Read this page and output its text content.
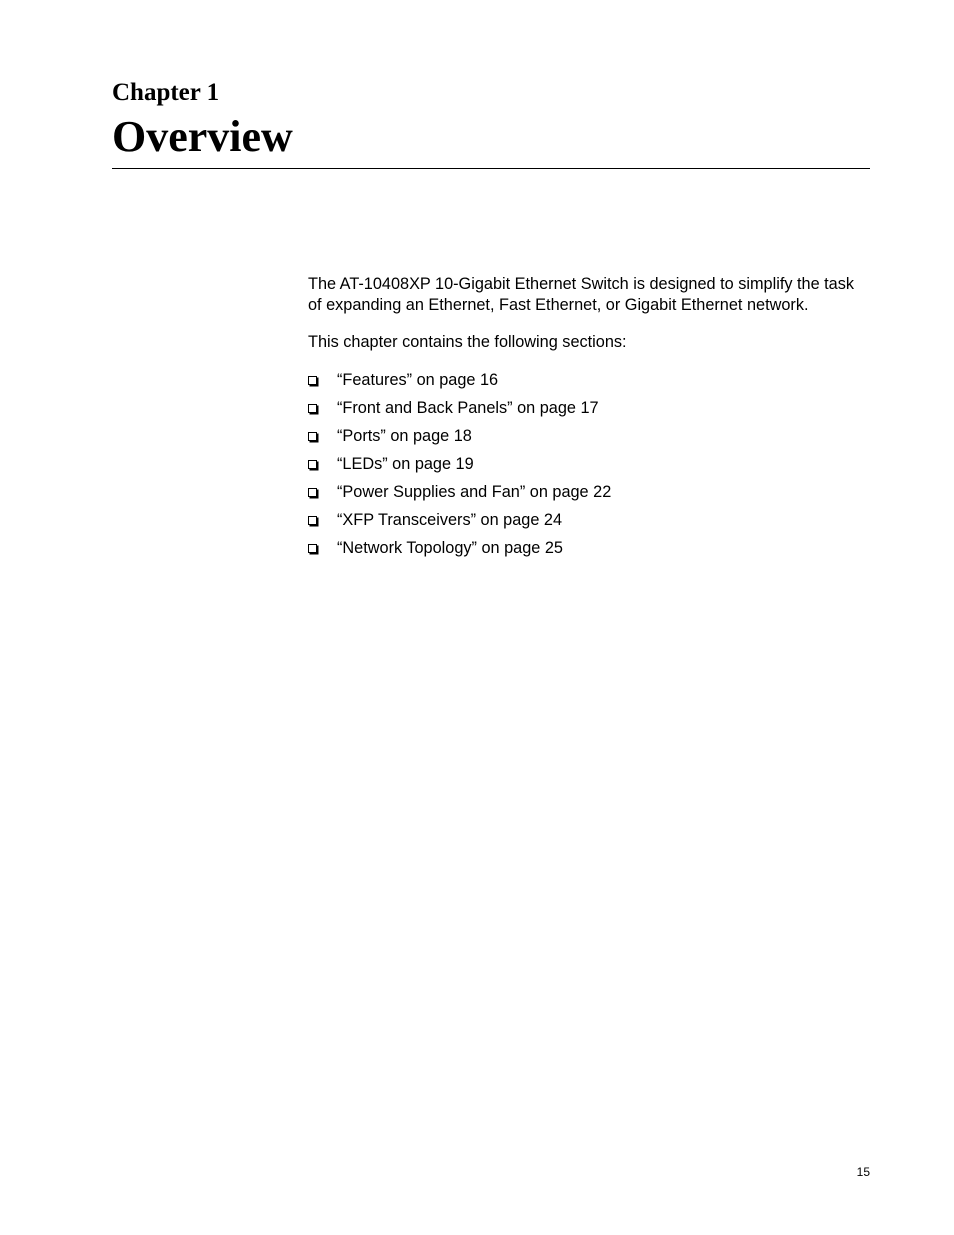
Chapter 1
Overview

The AT-10408XP 10-Gigabit Ethernet Switch is designed to simplify the task of expanding an Ethernet, Fast Ethernet, or Gigabit Ethernet network.

This chapter contains the following sections:

“Features” on page 16
“Front and Back Panels” on page 17
“Ports” on page 18
“LEDs” on page 19
“Power Supplies and Fan” on page 22
“XFP Transceivers” on page 24
“Network Topology” on page 25
15
